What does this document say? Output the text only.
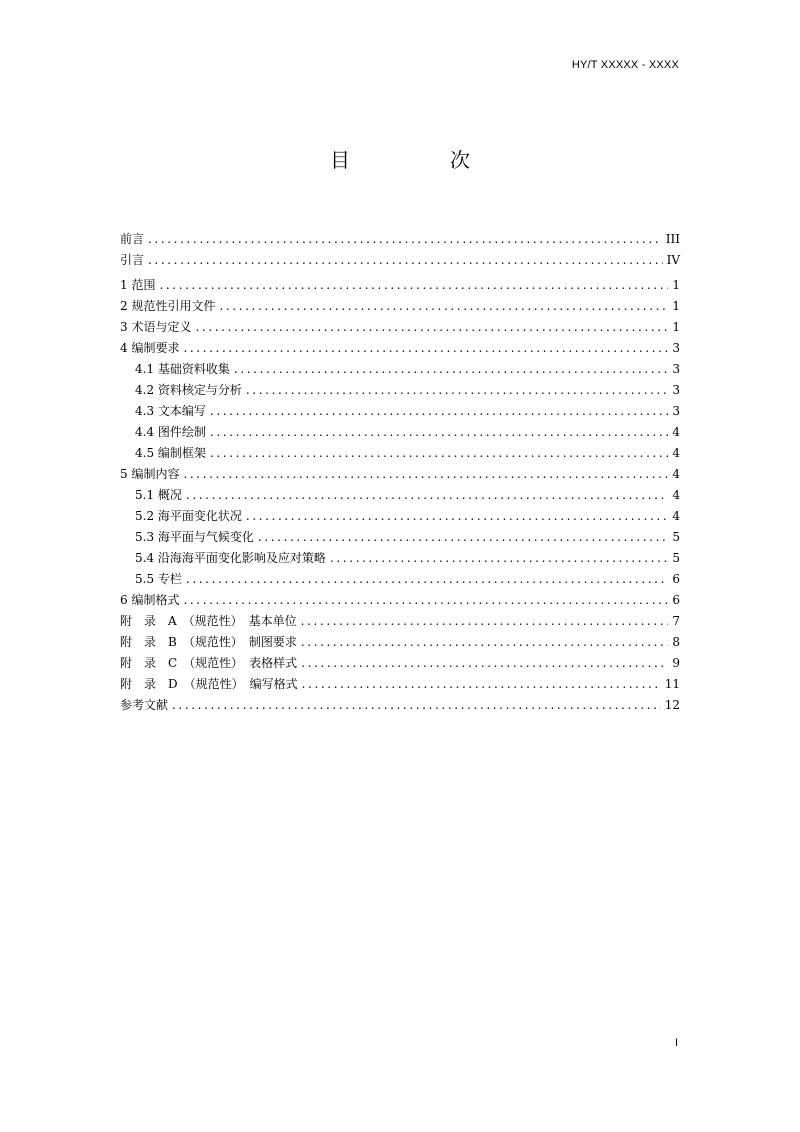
HY/T XXXXX - XXXX
目　次
前言 .....	III
引言 .....	IV
1 范围 .....	1
2 规范性引用文件 .....	1
3 术语与定义 .....	1
4 编制要求 .....	3
4.1 基础资料收集 .....	3
4.2 资料核定与分析 .....	3
4.3 文本编写 .....	3
4.4 图件绘制 .....	4
4.5 编制框架 .....	4
5 编制内容 .....	4
5.1 概况 .....	4
5.2 海平面变化状况 .....	4
5.3 海平面与气候变化 .....	5
5.4 沿海海平面变化影响及应对策略 .....	5
5.5 专栏 .....	6
6 编制格式 .....	6
附　录　A　（规范性）　基本单位 .....	7
附　录　B　（规范性）　制图要求 .....	8
附　录　C　（规范性）　表格样式 .....	9
附　录　D　（规范性）　编写格式 .....	11
参考文献 .....	12
I
